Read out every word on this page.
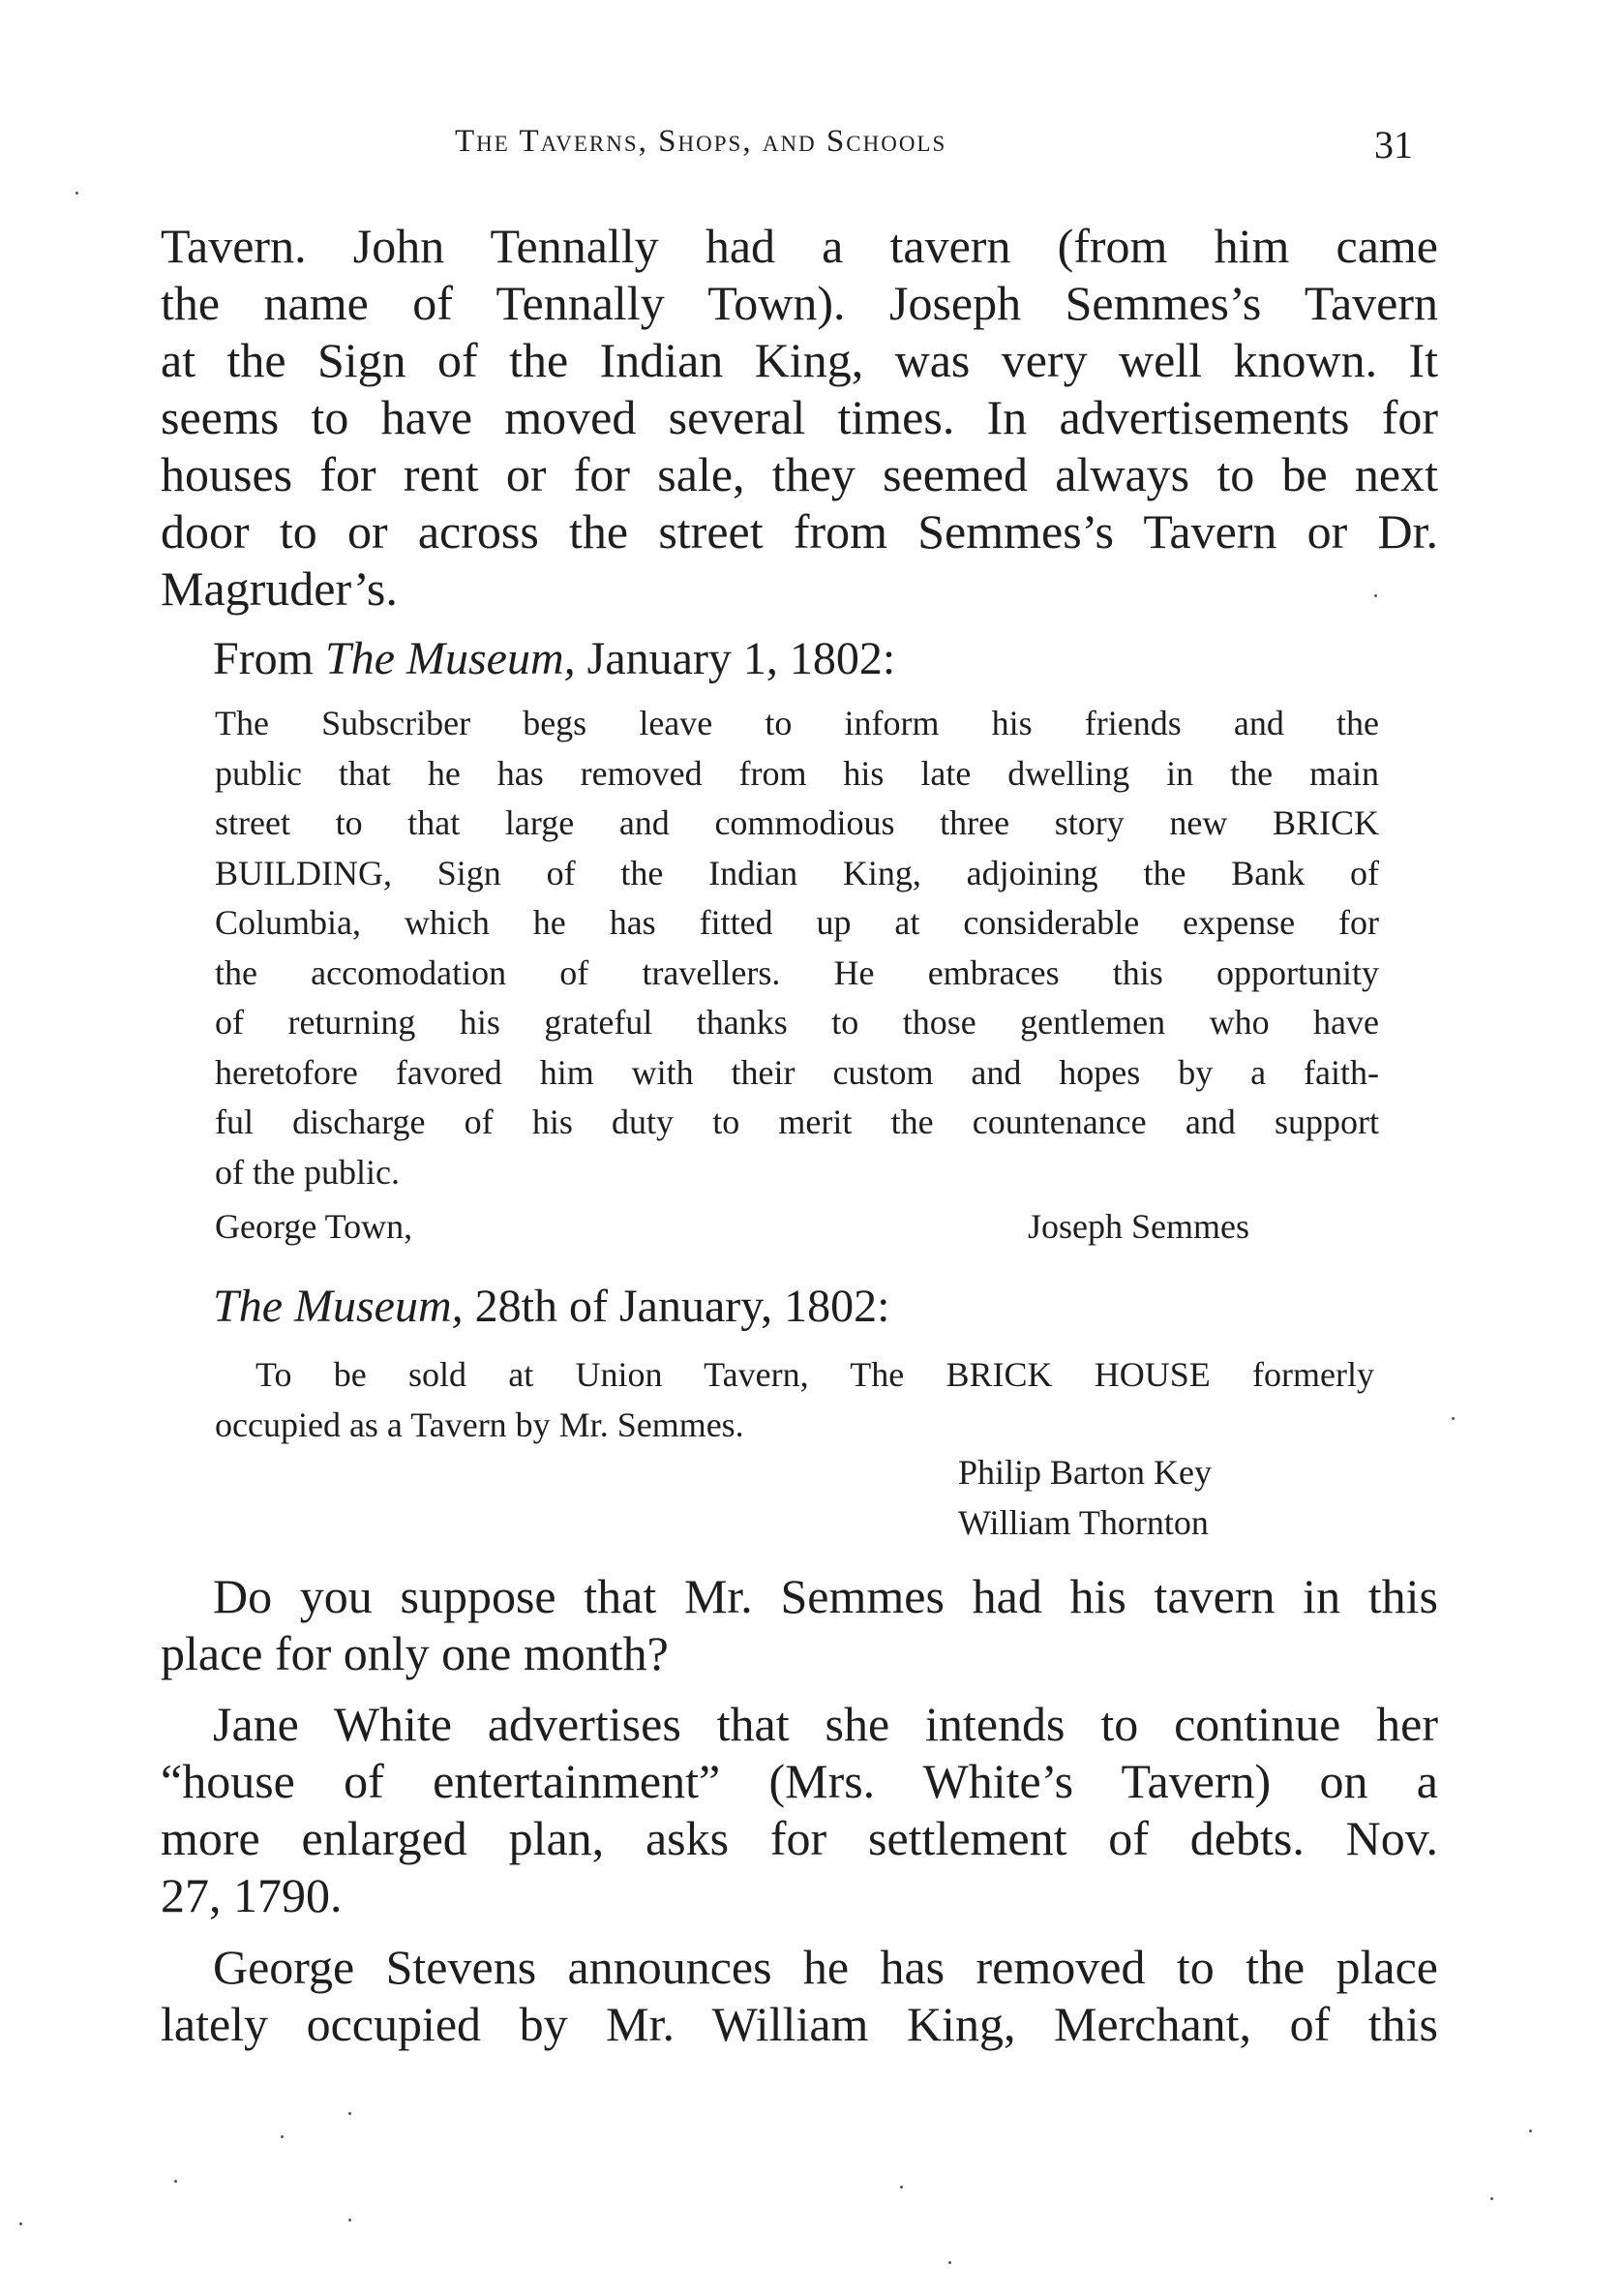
The Taverns, Shops, and Schools	31

Tavern. John Tennally had a tavern (from him came
the name of Tennally Town). Joseph Semmes’s Tavern
at the Sign of the Indian King, was very well known. It
seems to have moved several times. In advertisements for
houses for rent or for sale, they seemed always to be next
door to or across the street from Semmes’s Tavern or Dr.
Magruder’s.

From The Museum, January 1, 1802:

The Subscriber begs leave to inform his friends and the
public that he has removed from his late dwelling in the main
street to that large and commodious three story new BRICK
BUILDING, Sign of the Indian King, adjoining the Bank of
Columbia, which he has fitted up at considerable expense for
the accomodation of travellers. He embraces this opportunity
of returning his grateful thanks to those gentlemen who have
heretofore favored him with their custom and hopes by a faith-
ful discharge of his duty to merit the countenance and support
of the public.
George Town,	Joseph Semmes

The Museum, 28th of January, 1802:

To be sold at Union Tavern, The BRICK HOUSE formerly
occupied as a Tavern by Mr. Semmes.
Philip Barton Key
William Thornton

Do you suppose that Mr. Semmes had his tavern in this

place for only one month?

Jane White advertises that she intends to continue her

“house of entertainment” (Mrs. White’s Tavern) on a
more enlarged plan, asks for settlement of debts. Nov.
27, 1790.

George Stevens announces he has removed to the place

lately occupied by Mr. William King, Merchant, of this
